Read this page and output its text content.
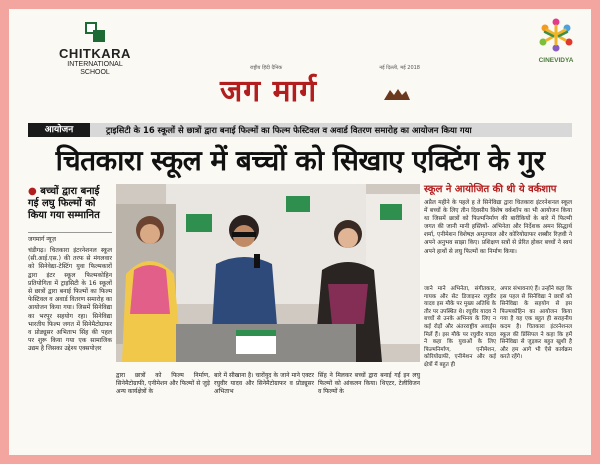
CHITKARA
INTERNATIONAL
SCHOOL
CINEVIDYA
राष्ट्रीय हिंदी दैनिक	नई दिल्ली, मई 2018
जग मार्ग
आयोजन	ट्राइसिटी के 16 स्कूलों से छात्रों द्वारा बनाई फिल्मों का फिल्म फेस्टिवल व अवार्ड वितरण समारोह का आयोजन किया गया
चितकारा स्कूल में बच्चों को सिखाए एक्टिंग के गुर
● बच्चों द्वारा बनाई गई लघु फिल्मों को किया गया सम्मानित
जगमार्ग न्यूज़
चंडीगढ़। चितकारा इंटरनेशनल स्कूल (सी.आई.एस.) की तरफ से मंगलवार को सिनेवेद्या-टेस्टिंग युवा फिल्मकारों द्वारा इंटर स्कूल फिल्मकोहिन प्रतियोगिता में ट्राइसिटी के 16 स्कूलों से छात्रों द्वारा बनाई फिल्मों का फिल्म फेस्टिवल व अवार्ड वितरण समारोह का आयोजन किया गया। जिसमें सिनेविद्या का भरपूर सहयोग रहा। सिनेविद्या भारतीय फिल्म जगत में सिनेमैटोग्राफर व प्रोड्यूसर अभिताभ सिंह की पहल पर शुरू किया गया एक सामाजिक उद्यम है जिसका उद्देश्य एक्सपोज़र
स्कूल ने आयोजित की थी ये वर्कशाप
अप्रैल महीने के पहले ह ते सिनेविद्या द्वारा चितकारा इंटरनेशनल स्कूल में बच्चों के लिए तीन दिवसीय विशेष वर्कशॉप का भी आयोजन किया था जिसमें छात्रों को फिल्मनिर्माण की बारीकियों के बारे में फिल्मी जगत की जानी मानी हस्तियों- अभिनेता और निर्देशक अमन सिद्धार्थ शर्मा, एनीमेशन विशेषज्ञ अमृतपाल और कोरियोग्राफर शब्बीर रिज़वी ने अपने अनुभव साझा किए। प्रशिक्षण सत्रों से प्रेरित होकर बच्चों ने स्वयं अपने हाथों से लघु फिल्मों का निर्माण किया।
द्वारा छात्रों को फिल्म निर्माण, सिनेमैटोग्राफी, एनीमेशन और फिल्मों से जुड़े अन्य कार्यक्षेत्रों के
बारे में सीखाना है। चारोंयुद के जाने माने एक्टर रघुवीर यादव और सिनेमैटोग्राफर व प्रोड्यूसर अभिताभ
सिंह ने मिलकर बच्चों द्वारा बनाई गईं इन लघु फिल्मों को आंकलन किया। थिएटर, टेलीविजन व फिल्मों के
जाने माने अभिनेता, संगीतकार, गायक और सेट डिजाइनर रघुवीर यादव इस मौके पर मुख्य अतिथि के तौर पर उपस्थित थे। रघुवीर यादव ने बच्चों से उनके अभिनय के लिए न कई रोड़ों और अंतरराष्ट्रीय अवार्ड्स मिलें हैं। इस मौके पर रघुवीर यादव ने कहा कि युवाओं के लिए फिल्मनिर्माण, एनीमेशन, कोरियोग्राफी, एनीमेशन और कई क्षेत्रों में बहुत ही
अपार संभावनाएं हैं। उन्होंने कहा कि इस पहल से सिनेविद्या ने छात्रों को सिनेविद्या के सहयोग से इस फिल्मकोहिन का आयोजन किया गया है यह एक बहुत ही सराहनीय कदम है। चितकारा इंटरनेशनल स्कूल की प्रिंसिपल ने कहा कि हमें सिनेविद्या से जुड़कर बहुत खुशी है और हम आगे भी ऐसे कार्यक्रम करते रहेंगे।
